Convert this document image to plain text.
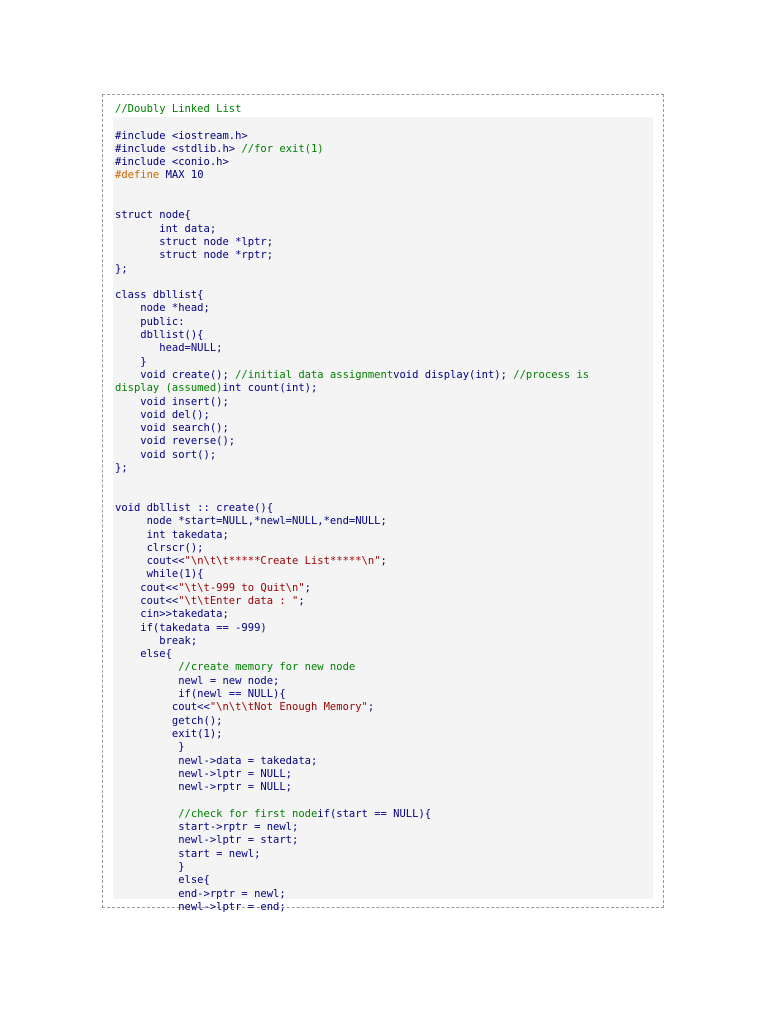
//Doubly Linked List
#include <iostream.h>
#include <stdlib.h> //for exit(1)
#include <conio.h>
#define MAX 10
struct node{
int data;
struct node *lptr;
struct node *rptr;
};
class dbllist{
node *head;
public:
dbllist(){
head=NULL;
}
void create(); //initial data assignmentvoid display(int); //process is
display (assumed)int count(int);
void insert();
void del();
void search();
void reverse();
void sort();
};
void dbllist :: create(){
node *start=NULL,*newl=NULL,*end=NULL;
int takedata;
clrscr();
cout<<"\n\t\t*****Create List*****\n";
while(1){
cout<<"\t\t-999 to Quit\n";
cout<<"\t\tEnter data : ";
cin>>takedata;
if(takedata == -999)
break;
else{
//create memory for new node
newl = new node;
if(newl == NULL){
cout<<"\n\t\tNot Enough Memory";
getch();
exit(1);
}
newl->data = takedata;
newl->lptr = NULL;
newl->rptr = NULL;
//check for first nodeif(start == NULL){
start->rptr = newl;
newl->lptr = start;
start = newl;
}
else{
end->rptr = newl;
newl->lptr = end;
